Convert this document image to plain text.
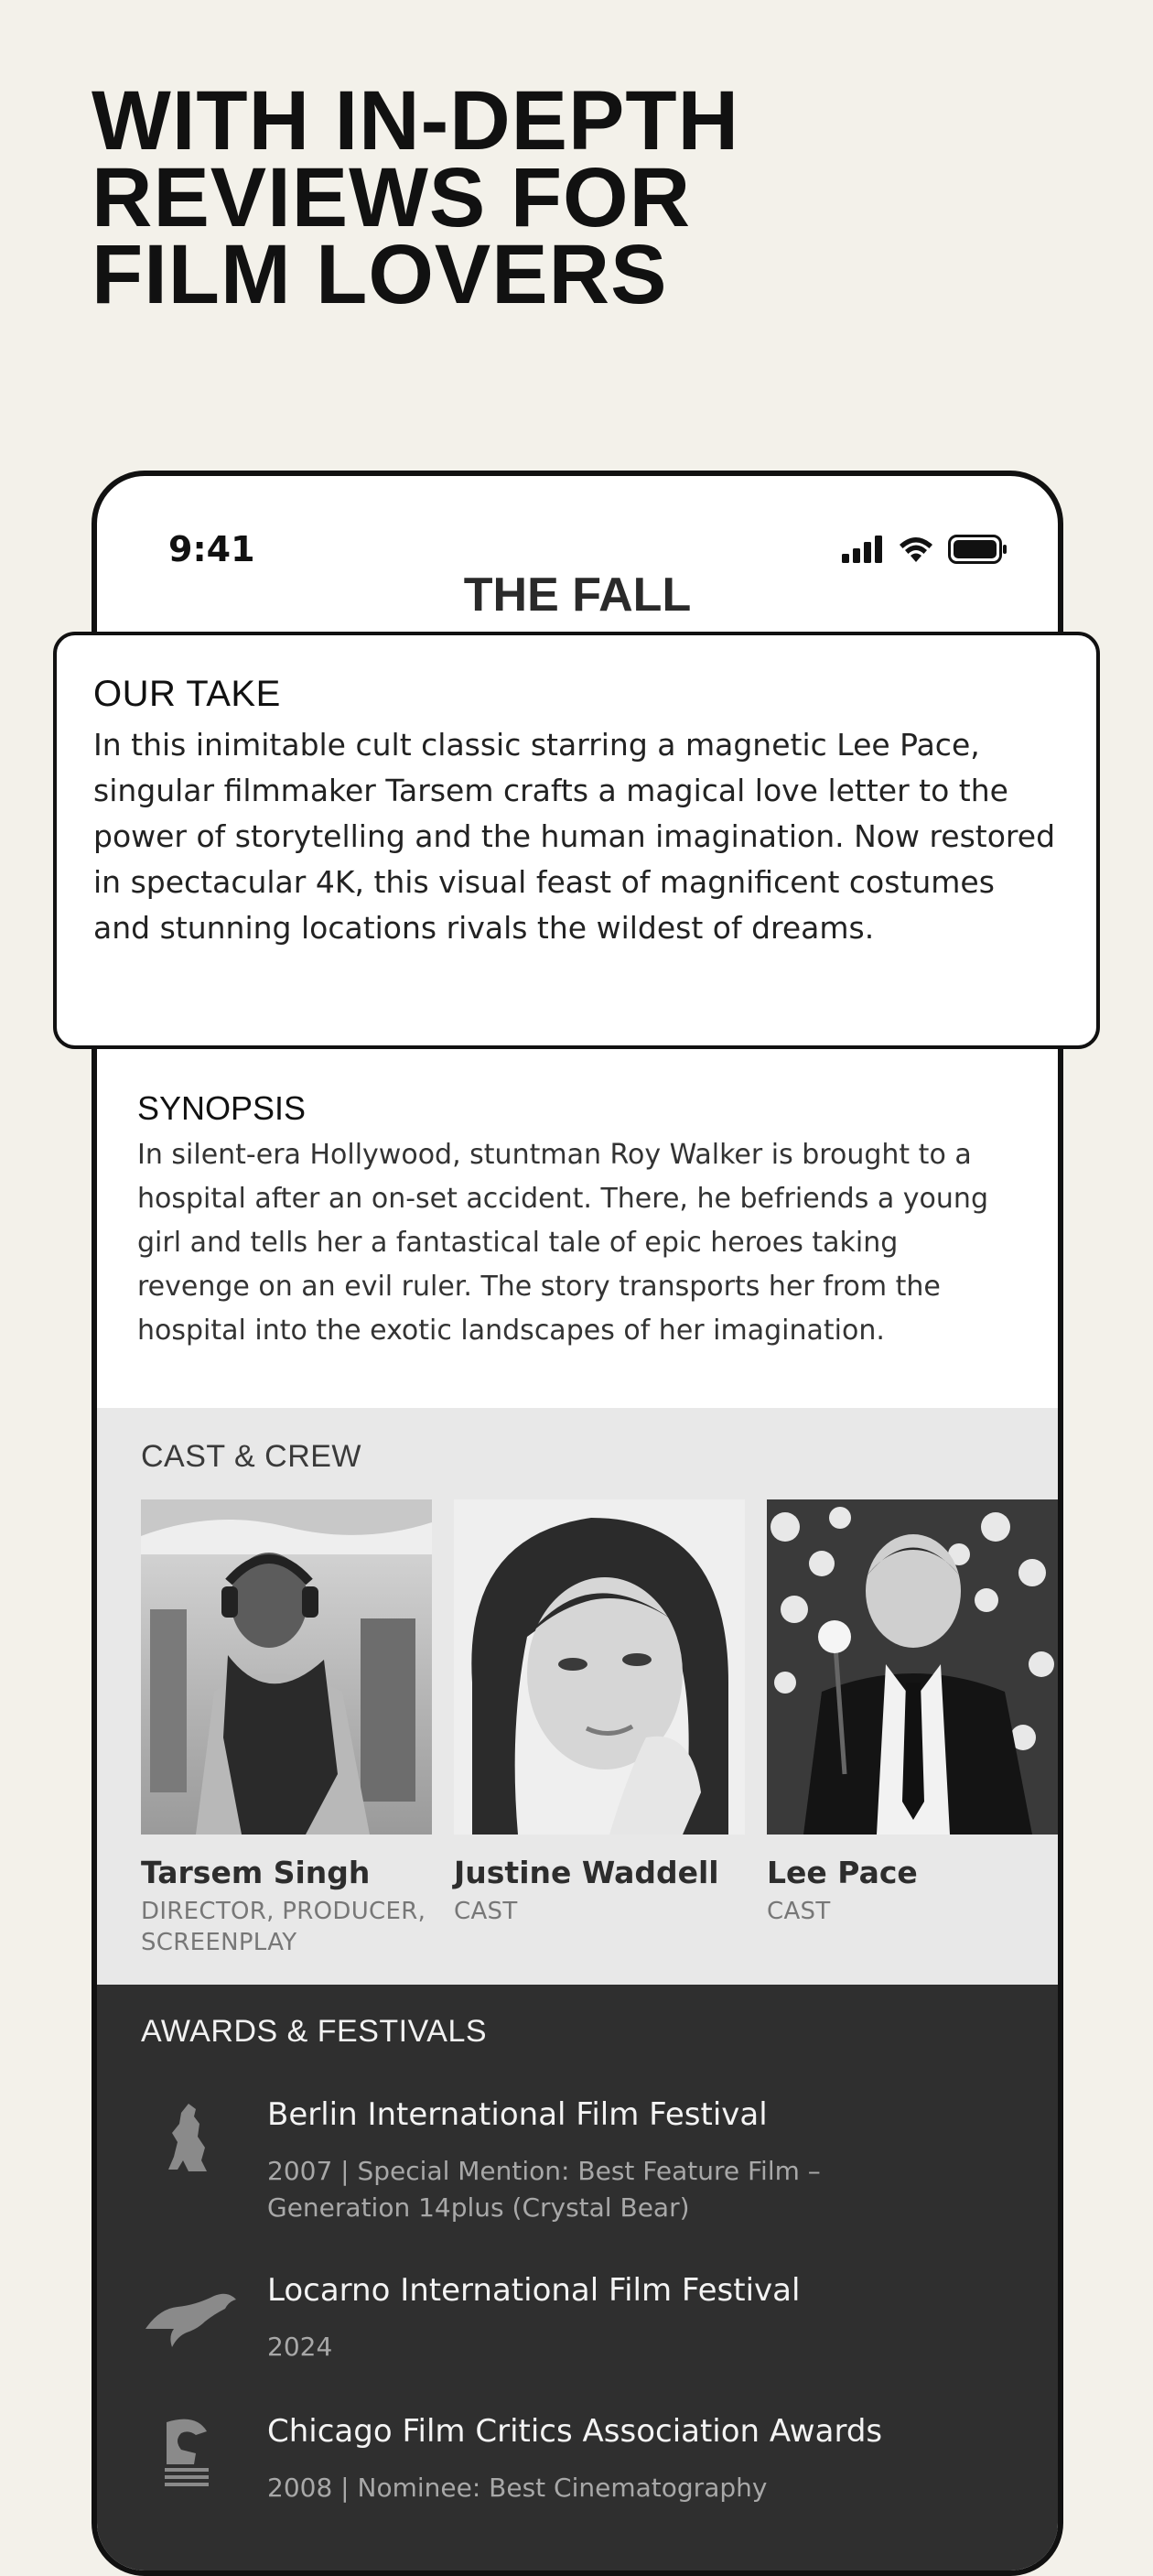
WITH IN-DEPTH
REVIEWS FOR
FILM LOVERS
9:41
THE FALL
SYNOPSIS

In silent-era Hollywood, stuntman Roy Walker is brought to a hospital after an on-set accident. There, he befriends a young girl and tells her a fantastical tale of epic heroes taking revenge on an evil ruler. The story transports her from the hospital into the exotic landscapes of her imagination.

CAST & CREW
Tarsem Singh
DIRECTOR, PRODUCER, SCREENPLAY
Justine Waddell
CAST
Lee Pace
CAST
AWARDS & FESTIVALS
Berlin International Film Festival
2007 | Special Mention: Best Feature Film – Generation 14plus (Crystal Bear)
Locarno International Film Festival
2024
Chicago Film Critics Association Awards
2008 | Nominee: Best Cinematography
OUR TAKE

In this inimitable cult classic starring a magnetic Lee Pace, singular filmmaker Tarsem crafts a magical love letter to the power of storytelling and the human imagination. Now restored in spectacular 4K, this visual feast of magnificent costumes and stunning locations rivals the wildest of dreams.
